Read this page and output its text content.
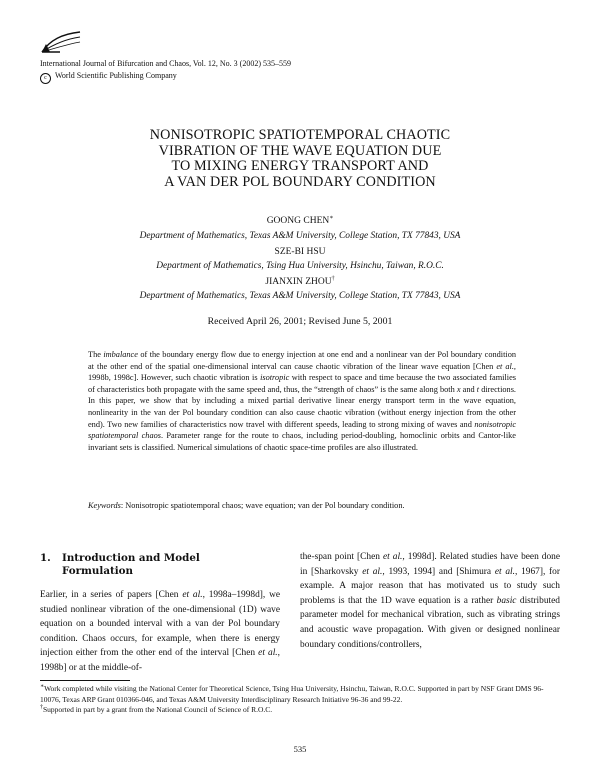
International Journal of Bifurcation and Chaos, Vol. 12, No. 3 (2002) 535–559
c World Scientific Publishing Company
NONISOTROPIC SPATIOTEMPORAL CHAOTIC
VIBRATION OF THE WAVE EQUATION DUE
TO MIXING ENERGY TRANSPORT AND
A VAN DER POL BOUNDARY CONDITION
GOONG CHEN∗
Department of Mathematics, Texas A&M University, College Station, TX 77843, USA
SZE-BI HSU
Department of Mathematics, Tsing Hua University, Hsinchu, Taiwan, R.O.C.
JIANXIN ZHOU†
Department of Mathematics, Texas A&M University, College Station, TX 77843, USA
Received April 26, 2001; Revised June 5, 2001
The imbalance of the boundary energy flow due to energy injection at one end and a nonlinear van der Pol boundary condition at the other end of the spatial one-dimensional interval can cause chaotic vibration of the linear wave equation [Chen et al., 1998b, 1998c]. However, such chaotic vibration is isotropic with respect to space and time because the two associated families of characteristics both propagate with the same speed and, thus, the “strength of chaos” is the same along both x and t directions. In this paper, we show that by including a mixed partial derivative linear energy transport term in the wave equation, nonlinearity in the van der Pol boundary condition can also cause chaotic vibration (without energy injection from the other end). Two new families of characteristics now travel with different speeds, leading to strong mixing of waves and nonisotropic spatiotemporal chaos. Parameter range for the route to chaos, including period-doubling, homoclinic orbits and Cantor-like invariant sets is classified. Numerical simulations of chaotic space-time profiles are also illustrated.
Keywords: Nonisotropic spatiotemporal chaos; wave equation; van der Pol boundary condition.
1. Introduction and Model
Formulation
Earlier, in a series of papers [Chen et al., 1998a–1998d], we studied nonlinear vibration of the one-dimensional (1D) wave equation on a bounded interval with a van der Pol boundary condition. Chaos occurs, for example, when there is energy injection either from the other end of the interval [Chen et al., 1998b] or at the middle-of-
the-span point [Chen et al., 1998d]. Related studies have been done in [Sharkovsky et al., 1993, 1994] and [Shimura et al., 1967], for example. A major reason that has motivated us to study such problems is that the 1D wave equation is a rather basic distributed parameter model for mechanical vibration, such as vibrating strings and acoustic wave propagation. With given or designed nonlinear boundary conditions/controllers,
∗Work completed while visiting the National Center for Theoretical Science, Tsing Hua University, Hsinchu, Taiwan, R.O.C. Supported in part by NSF Grant DMS 96-10076, Texas ARP Grant 010366-046, and Texas A&M University Interdisciplinary Research Initiative 96-36 and 99-22.
†Supported in part by a grant from the National Council of Science of R.O.C.
535
